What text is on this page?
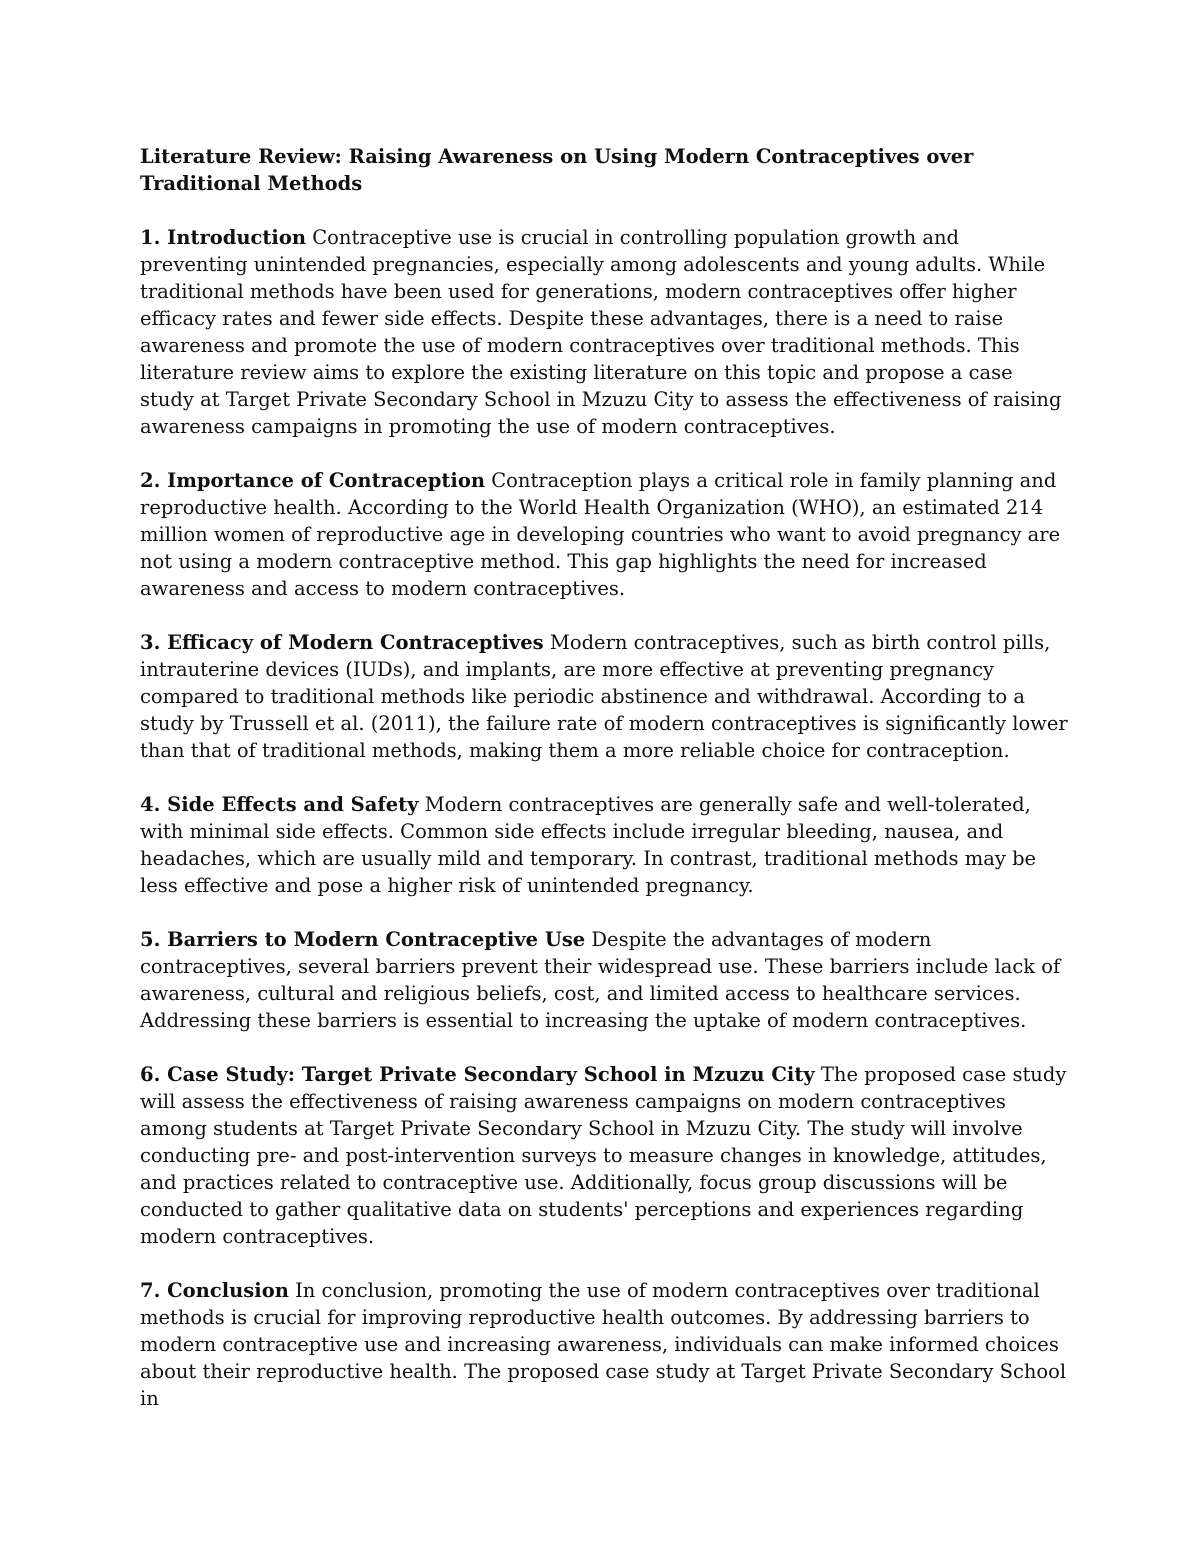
Literature Review: Raising Awareness on Using Modern Contraceptives over Traditional Methods
1. Introduction Contraceptive use is crucial in controlling population growth and preventing unintended pregnancies, especially among adolescents and young adults. While traditional methods have been used for generations, modern contraceptives offer higher efficacy rates and fewer side effects. Despite these advantages, there is a need to raise awareness and promote the use of modern contraceptives over traditional methods. This literature review aims to explore the existing literature on this topic and propose a case study at Target Private Secondary School in Mzuzu City to assess the effectiveness of raising awareness campaigns in promoting the use of modern contraceptives.
2. Importance of Contraception Contraception plays a critical role in family planning and reproductive health. According to the World Health Organization (WHO), an estimated 214 million women of reproductive age in developing countries who want to avoid pregnancy are not using a modern contraceptive method. This gap highlights the need for increased awareness and access to modern contraceptives.
3. Efficacy of Modern Contraceptives Modern contraceptives, such as birth control pills, intrauterine devices (IUDs), and implants, are more effective at preventing pregnancy compared to traditional methods like periodic abstinence and withdrawal. According to a study by Trussell et al. (2011), the failure rate of modern contraceptives is significantly lower than that of traditional methods, making them a more reliable choice for contraception.
4. Side Effects and Safety Modern contraceptives are generally safe and well-tolerated, with minimal side effects. Common side effects include irregular bleeding, nausea, and headaches, which are usually mild and temporary. In contrast, traditional methods may be less effective and pose a higher risk of unintended pregnancy.
5. Barriers to Modern Contraceptive Use Despite the advantages of modern contraceptives, several barriers prevent their widespread use. These barriers include lack of awareness, cultural and religious beliefs, cost, and limited access to healthcare services. Addressing these barriers is essential to increasing the uptake of modern contraceptives.
6. Case Study: Target Private Secondary School in Mzuzu City The proposed case study will assess the effectiveness of raising awareness campaigns on modern contraceptives among students at Target Private Secondary School in Mzuzu City. The study will involve conducting pre- and post-intervention surveys to measure changes in knowledge, attitudes, and practices related to contraceptive use. Additionally, focus group discussions will be conducted to gather qualitative data on students' perceptions and experiences regarding modern contraceptives.
7. Conclusion In conclusion, promoting the use of modern contraceptives over traditional methods is crucial for improving reproductive health outcomes. By addressing barriers to modern contraceptive use and increasing awareness, individuals can make informed choices about their reproductive health. The proposed case study at Target Private Secondary School in
